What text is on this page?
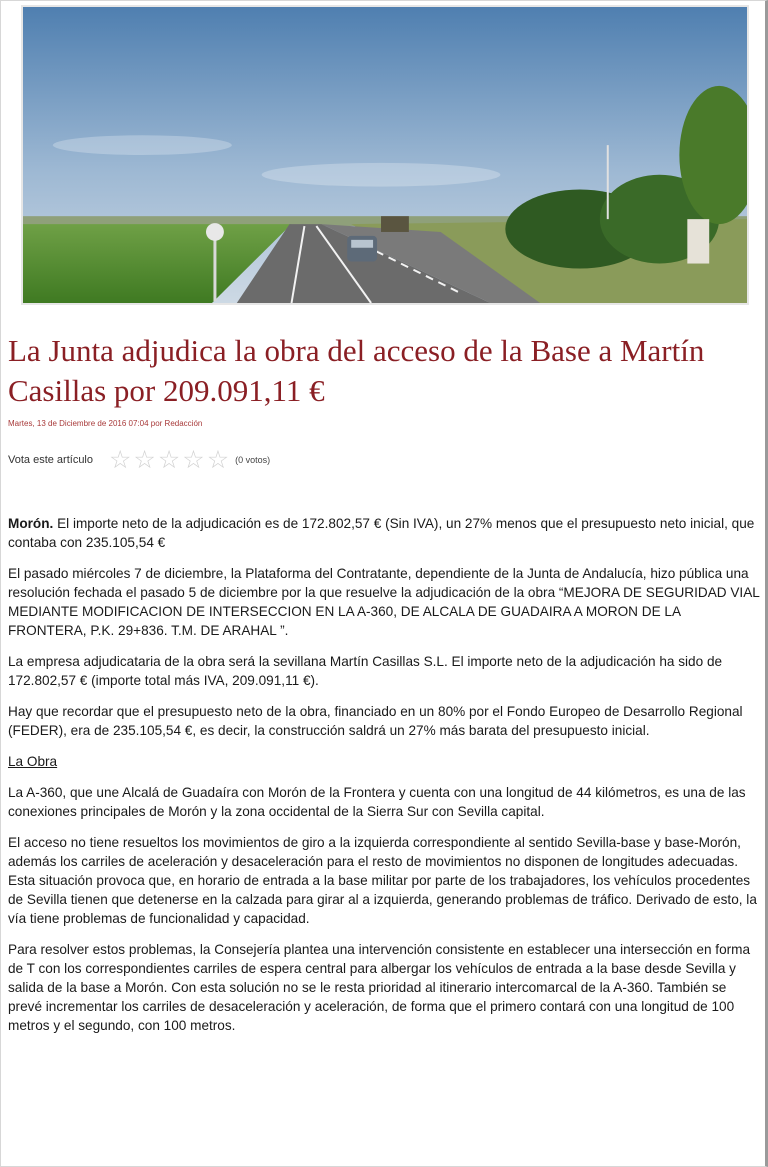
La Junta adjudica la obra del acceso de la Base a Martín Casillas por 209.091,11 €
Martes, 13 de Diciembre de 2016 07:04 por Redacción
Vota este artículo ☆ ☆ ☆ ☆ ☆ (0 votos)

Morón. El importe neto de la adjudicación es de 172.802,57 € (Sin IVA), un 27% menos que el presupuesto neto inicial, que contaba con 235.105,54 €

El pasado miércoles 7 de diciembre, la Plataforma del Contratante, dependiente de la Junta de Andalucía, hizo pública una resolución fechada el pasado 5 de diciembre por la que resuelve la adjudicación de la obra “MEJORA DE SEGURIDAD VIAL MEDIANTE MODIFICACION DE INTERSECCION EN LA A-360, DE ALCALA DE GUADAIRA A MORON DE LA FRONTERA, P.K. 29+836. T.M. DE ARAHAL ”.

La empresa adjudicataria de la obra será la sevillana Martín Casillas S.L. El importe neto de la adjudicación ha sido de 172.802,57 € (importe total más IVA, 209.091,11 €).

Hay que recordar que el presupuesto neto de la obra, financiado en un 80% por el Fondo Europeo de Desarrollo Regional (FEDER), era de 235.105,54 €, es decir, la construcción saldrá un 27% más barata del presupuesto inicial.

La Obra

La A-360, que une Alcalá de Guadaíra con Morón de la Frontera y cuenta con una longitud de 44 kilómetros, es una de las conexiones principales de Morón y la zona occidental de la Sierra Sur con Sevilla capital.

El acceso no tiene resueltos los movimientos de giro a la izquierda correspondiente al sentido Sevilla-base y base-Morón, además los carriles de aceleración y desaceleración para el resto de movimientos no disponen de longitudes adecuadas. Esta situación provoca que, en horario de entrada a la base militar por parte de los trabajadores, los vehículos procedentes de Sevilla tienen que detenerse en la calzada para girar al a izquierda, generando problemas de tráfico. Derivado de esto, la vía tiene problemas de funcionalidad y capacidad.

Para resolver estos problemas, la Consejería plantea una intervención consistente en establecer una intersección en forma de T con los correspondientes carriles de espera central para albergar los vehículos de entrada a la base desde Sevilla y salida de la base a Morón. Con esta solución no se le resta prioridad al itinerario intercomarcal de la A-360. También se prevé incrementar los carriles de desaceleración y aceleración, de forma que el primero contará con una longitud de 100 metros y el segundo, con 100 metros.
